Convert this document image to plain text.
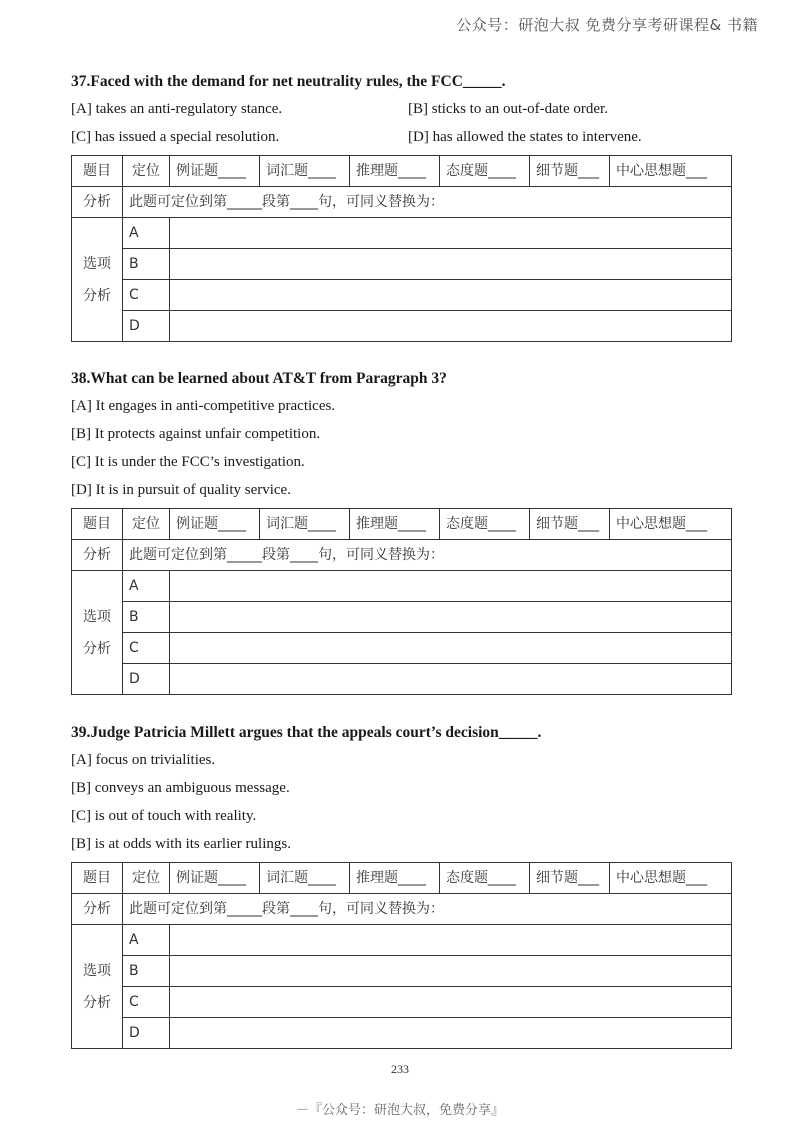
公众号：研泡大叔 免费分享考研课程& 书籍

37.Faced with the demand for net neutrality rules, the FCC_____.

[A] takes an anti-regulatory stance.	[B] sticks to an out-of-date order.
[C] has issued a special resolution.	[D] has allowed the states to intervene.
题目	定位	例证题____	词汇题____	推理题____	态度题____	细节题___	中心思想题___
分析	此题可定位到第_____段第____句，可同义替换为：						

选项
分析	A						
	B						
	C						
	D						

38.What can be learned about AT&T from Paragraph 3?

[A] It engages in anti-competitive practices.
[B] It protects against unfair competition.
[C] It is under the FCC’s investigation.
[D] It is in pursuit of quality service.
题目	定位	例证题____	词汇题____	推理题____	态度题____	细节题___	中心思想题___
分析	此题可定位到第_____段第____句，可同义替换为：						

选项
分析	A						
	B						
	C						
	D						

39.Judge Patricia Millett argues that the appeals court’s decision_____.

[A] focus on trivialities.
[B] conveys an ambiguous message.
[C] is out of touch with reality.
[B] is at odds with its earlier rulings.
题目	定位	例证题____	词汇题____	推理题____	态度题____	细节题___	中心思想题___
分析	此题可定位到第_____段第____句，可同义替换为：						

选项
分析	A						
	B						
	C						
	D						
233
－『公众号：研泡大叔，免费分享』
